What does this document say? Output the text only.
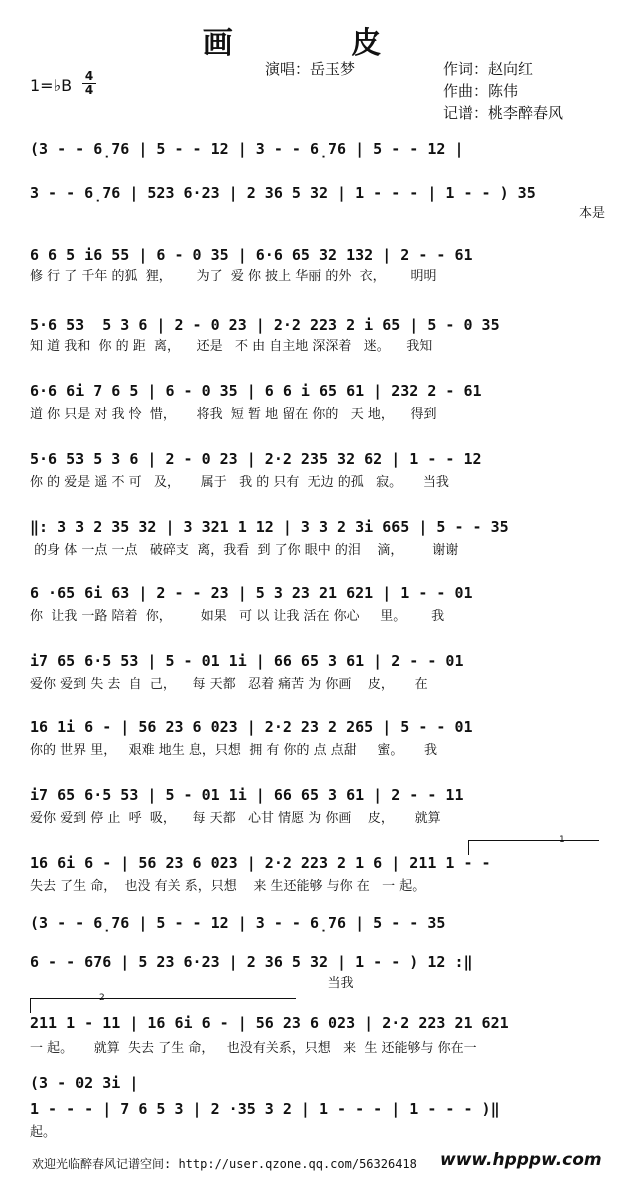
画 皮
演唱：岳玉梦	作词：赵向红
作曲：陈伟
记谱：桃李醉春风
1=♭B 4
4
(3 - - 6̣76 | 5 - - 12 | 3 - - 6̣76 | 5 - - 12 |
3 - - 6̣76 | 523 6·23 | 2 36 5 32 | 1 - - - | 1 - - ) 35
本是
6 6 5 i6 55 | 6 - 0 35 | 6·6 65 32 132 | 2 - - 61
修 行 了 千年 的狐  狸，      为了  爱 你 披上 华丽 的外  衣，      明明
5·6 53  5 3 6 | 2 - 0 23 | 2·2 223 2 i 65 | 5 - 0 35
知 道 我和  你 的 距  离，    还是   不 由 自主地 深深着   迷。    我知
6·6 6i 7 6 5 | 6 - 0 35 | 6 6 i 65 61 | 232 2 - 61
道 你 只是 对 我 怜  惜，     将我  短 暂 地 留在 你的   天 地，    得到
5·6 53 5 3 6 | 2 - 0 23 | 2·2 235 32 62 | 1 - - 12
你 的 爱是 遥 不 可   及，     属于   我 的 只有  无边 的孤   寂。     当我
‖: 3 3 2 35 32 | 3 321 1 12 | 3 3 2 3i 665 | 5 - - 35
的身 体 一点 一点   破碎支  离，我看  到 了你 眼中 的泪    滴，       谢谢
6 ·65 6i 63 | 2 - - 23 | 5 3 23 21 621 | 1 - - 01
你  让我 一路 陪着  你，       如果   可 以 让我 活在 你心     里。      我
i7 65 6·5 53 | 5 - 01 1i | 66 65 3 61 | 2 - - 01
爱你 爱到 失 去  自  己，    每 天都   忍着 痛苦 为 你画    皮，     在
16 1i 6 - | 56 23 6 023 | 2·2 23 2 265 | 5 - - 01
你的 世界 里，   艰难 地生 息，只想  拥 有 你的 点 点甜     蜜。     我
i7 65 6·5 53 | 5 - 01 1i | 66 65 3 61 | 2 - - 11
爱你 爱到 停 止  呼  吸，    每 天都   心甘 情愿 为 你画    皮，     就算
1
16 6i 6 - | 56 23 6 023 | 2·2 223 2 1 6 | 211 1 - -
失去 了生 命，  也没 有关 系，只想    来 生还能够 与你 在   一 起。
(3 - - 6̣76 | 5 - - 12 | 3 - - 6̣76 | 5 - - 35
6 - - 676 | 5 23 6·23 | 2 36 5 32 | 1 - - ) 12 :‖
当我
2
211 1 - 11 | 16 6i 6 - | 56 23 6 023 | 2·2 223 21 621
一 起。     就算  失去 了生 命，   也没有关系，只想   来  生 还能够与 你在一
(3 - 02 3i |
1 - - - | 7 6 5 3 | 2 ·35 3 2 | 1 - - - | 1 - - - )‖
起。
欢迎光临醉春风记谱空间: http://user.qzone.qq.com/56326418	www.hpppw.com
